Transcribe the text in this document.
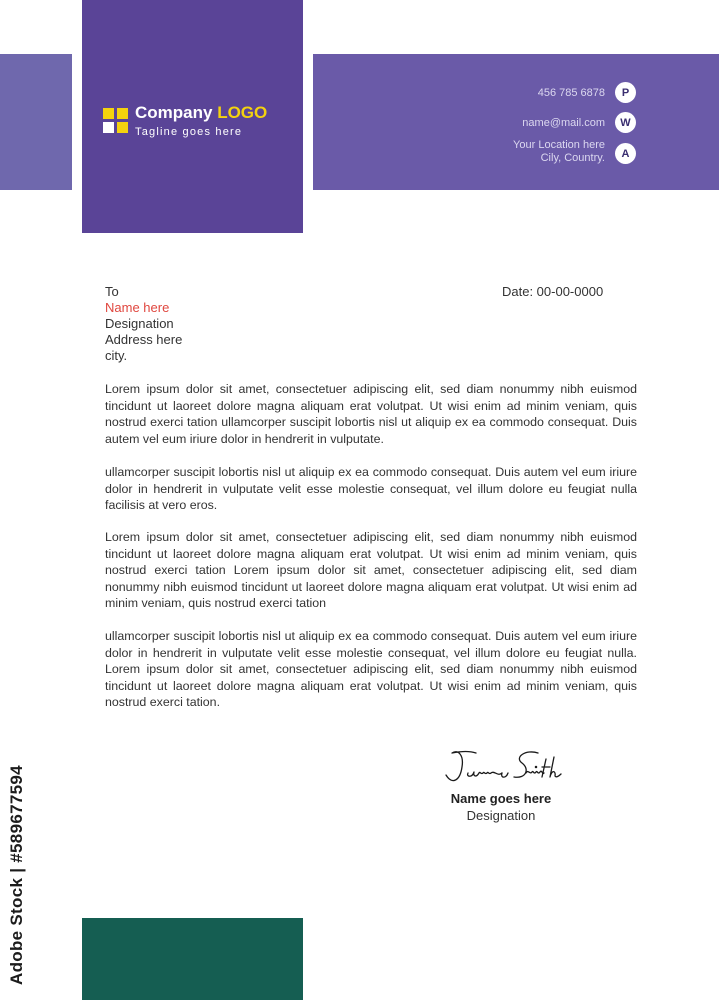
Company LOGO
Tagline goes here
456 785 6878	P
name@mail.com	W
Your Location here
Cily, Country.	A
To
Name here
Designation
Address here
city.
Date: 00-00-0000
Lorem ipsum dolor sit amet, consectetuer adipiscing elit, sed diam nonummy nibh euismod tincidunt ut laoreet dolore magna aliquam erat volutpat. Ut wisi enim ad minim veniam, quis nostrud exerci tation ullamcorper suscipit lobortis nisl ut aliquip ex ea commodo consequat. Duis autem vel eum iriure dolor in hendrerit in vulputate.
ullamcorper suscipit lobortis nisl ut aliquip ex ea commodo consequat. Duis autem vel eum iriure dolor in hendrerit in vulputate velit esse molestie consequat, vel illum dolore eu feugiat nulla facilisis at vero eros.
Lorem ipsum dolor sit amet, consectetuer adipiscing elit, sed diam nonummy nibh euismod tincidunt ut laoreet dolore magna aliquam erat volutpat. Ut wisi enim ad minim veniam, quis nostrud exerci tation Lorem ipsum dolor sit amet, consectetuer adipiscing elit, sed diam nonummy nibh euismod tincidunt ut laoreet dolore magna aliquam erat volutpat. Ut wisi enim ad minim veniam, quis nostrud exerci tation
ullamcorper suscipit lobortis nisl ut aliquip ex ea commodo consequat. Duis autem vel eum iriure dolor in hendrerit in vulputate velit esse molestie consequat, vel illum dolore eu feugiat nulla. Lorem ipsum dolor sit amet, consectetuer adipiscing elit, sed diam nonummy nibh euismod tincidunt ut laoreet dolore magna aliquam erat volutpat. Ut wisi enim ad minim veniam, quis nostrud exerci tation.
Name goes here
Designation
Adobe Stock | #589677594
